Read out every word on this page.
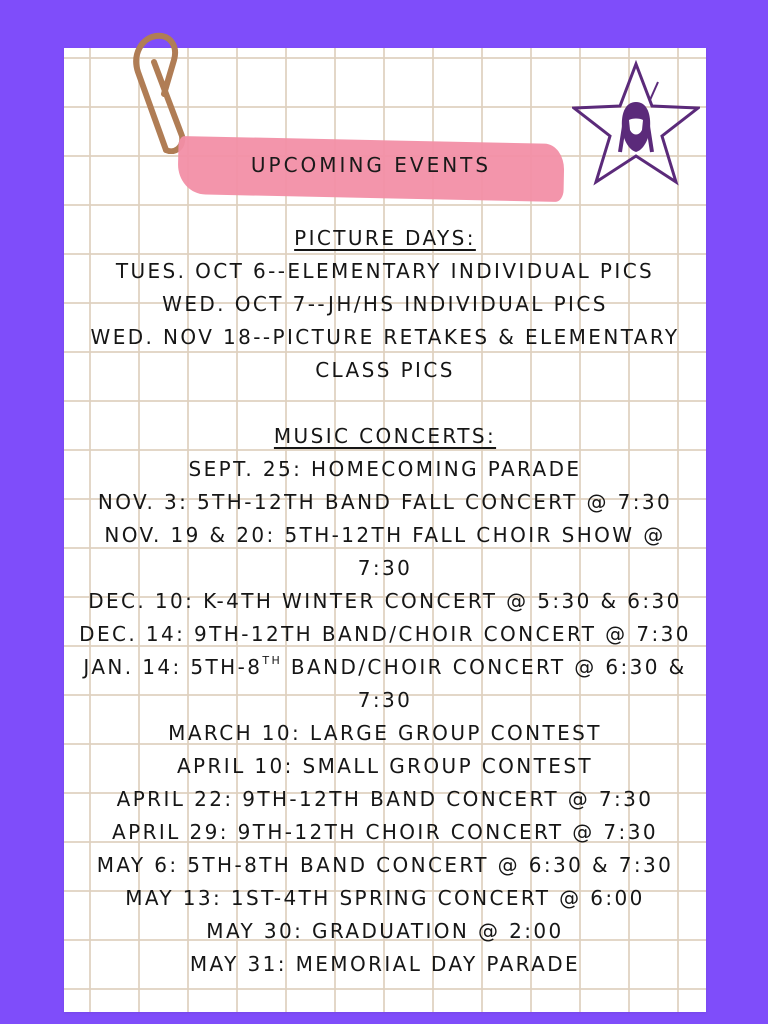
UPCOMING EVENTS
PICTURE DAYS:
TUES. OCT 6--ELEMENTARY INDIVIDUAL PICS
WED. OCT 7--JH/HS INDIVIDUAL PICS
WED. NOV 18--PICTURE RETAKES & ELEMENTARY CLASS PICS
MUSIC CONCERTS:
SEPT. 25: HOMECOMING PARADE
NOV. 3: 5TH-12TH BAND FALL CONCERT @ 7:30
NOV. 19 & 20: 5TH-12TH FALL CHOIR SHOW @ 7:30
DEC. 10: K-4TH WINTER CONCERT @ 5:30 & 6:30
DEC. 14: 9TH-12TH BAND/CHOIR CONCERT @ 7:30
JAN. 14: 5TH-8TH BAND/CHOIR CONCERT @ 6:30 & 7:30
MARCH 10: LARGE GROUP CONTEST
APRIL 10: SMALL GROUP CONTEST
APRIL 22: 9TH-12TH BAND CONCERT @ 7:30
APRIL 29: 9TH-12TH CHOIR CONCERT @ 7:30
MAY 6: 5TH-8TH BAND CONCERT @ 6:30 & 7:30
MAY 13: 1ST-4TH SPRING CONCERT @ 6:00
MAY 30: GRADUATION @ 2:00
MAY 31: MEMORIAL DAY PARADE
